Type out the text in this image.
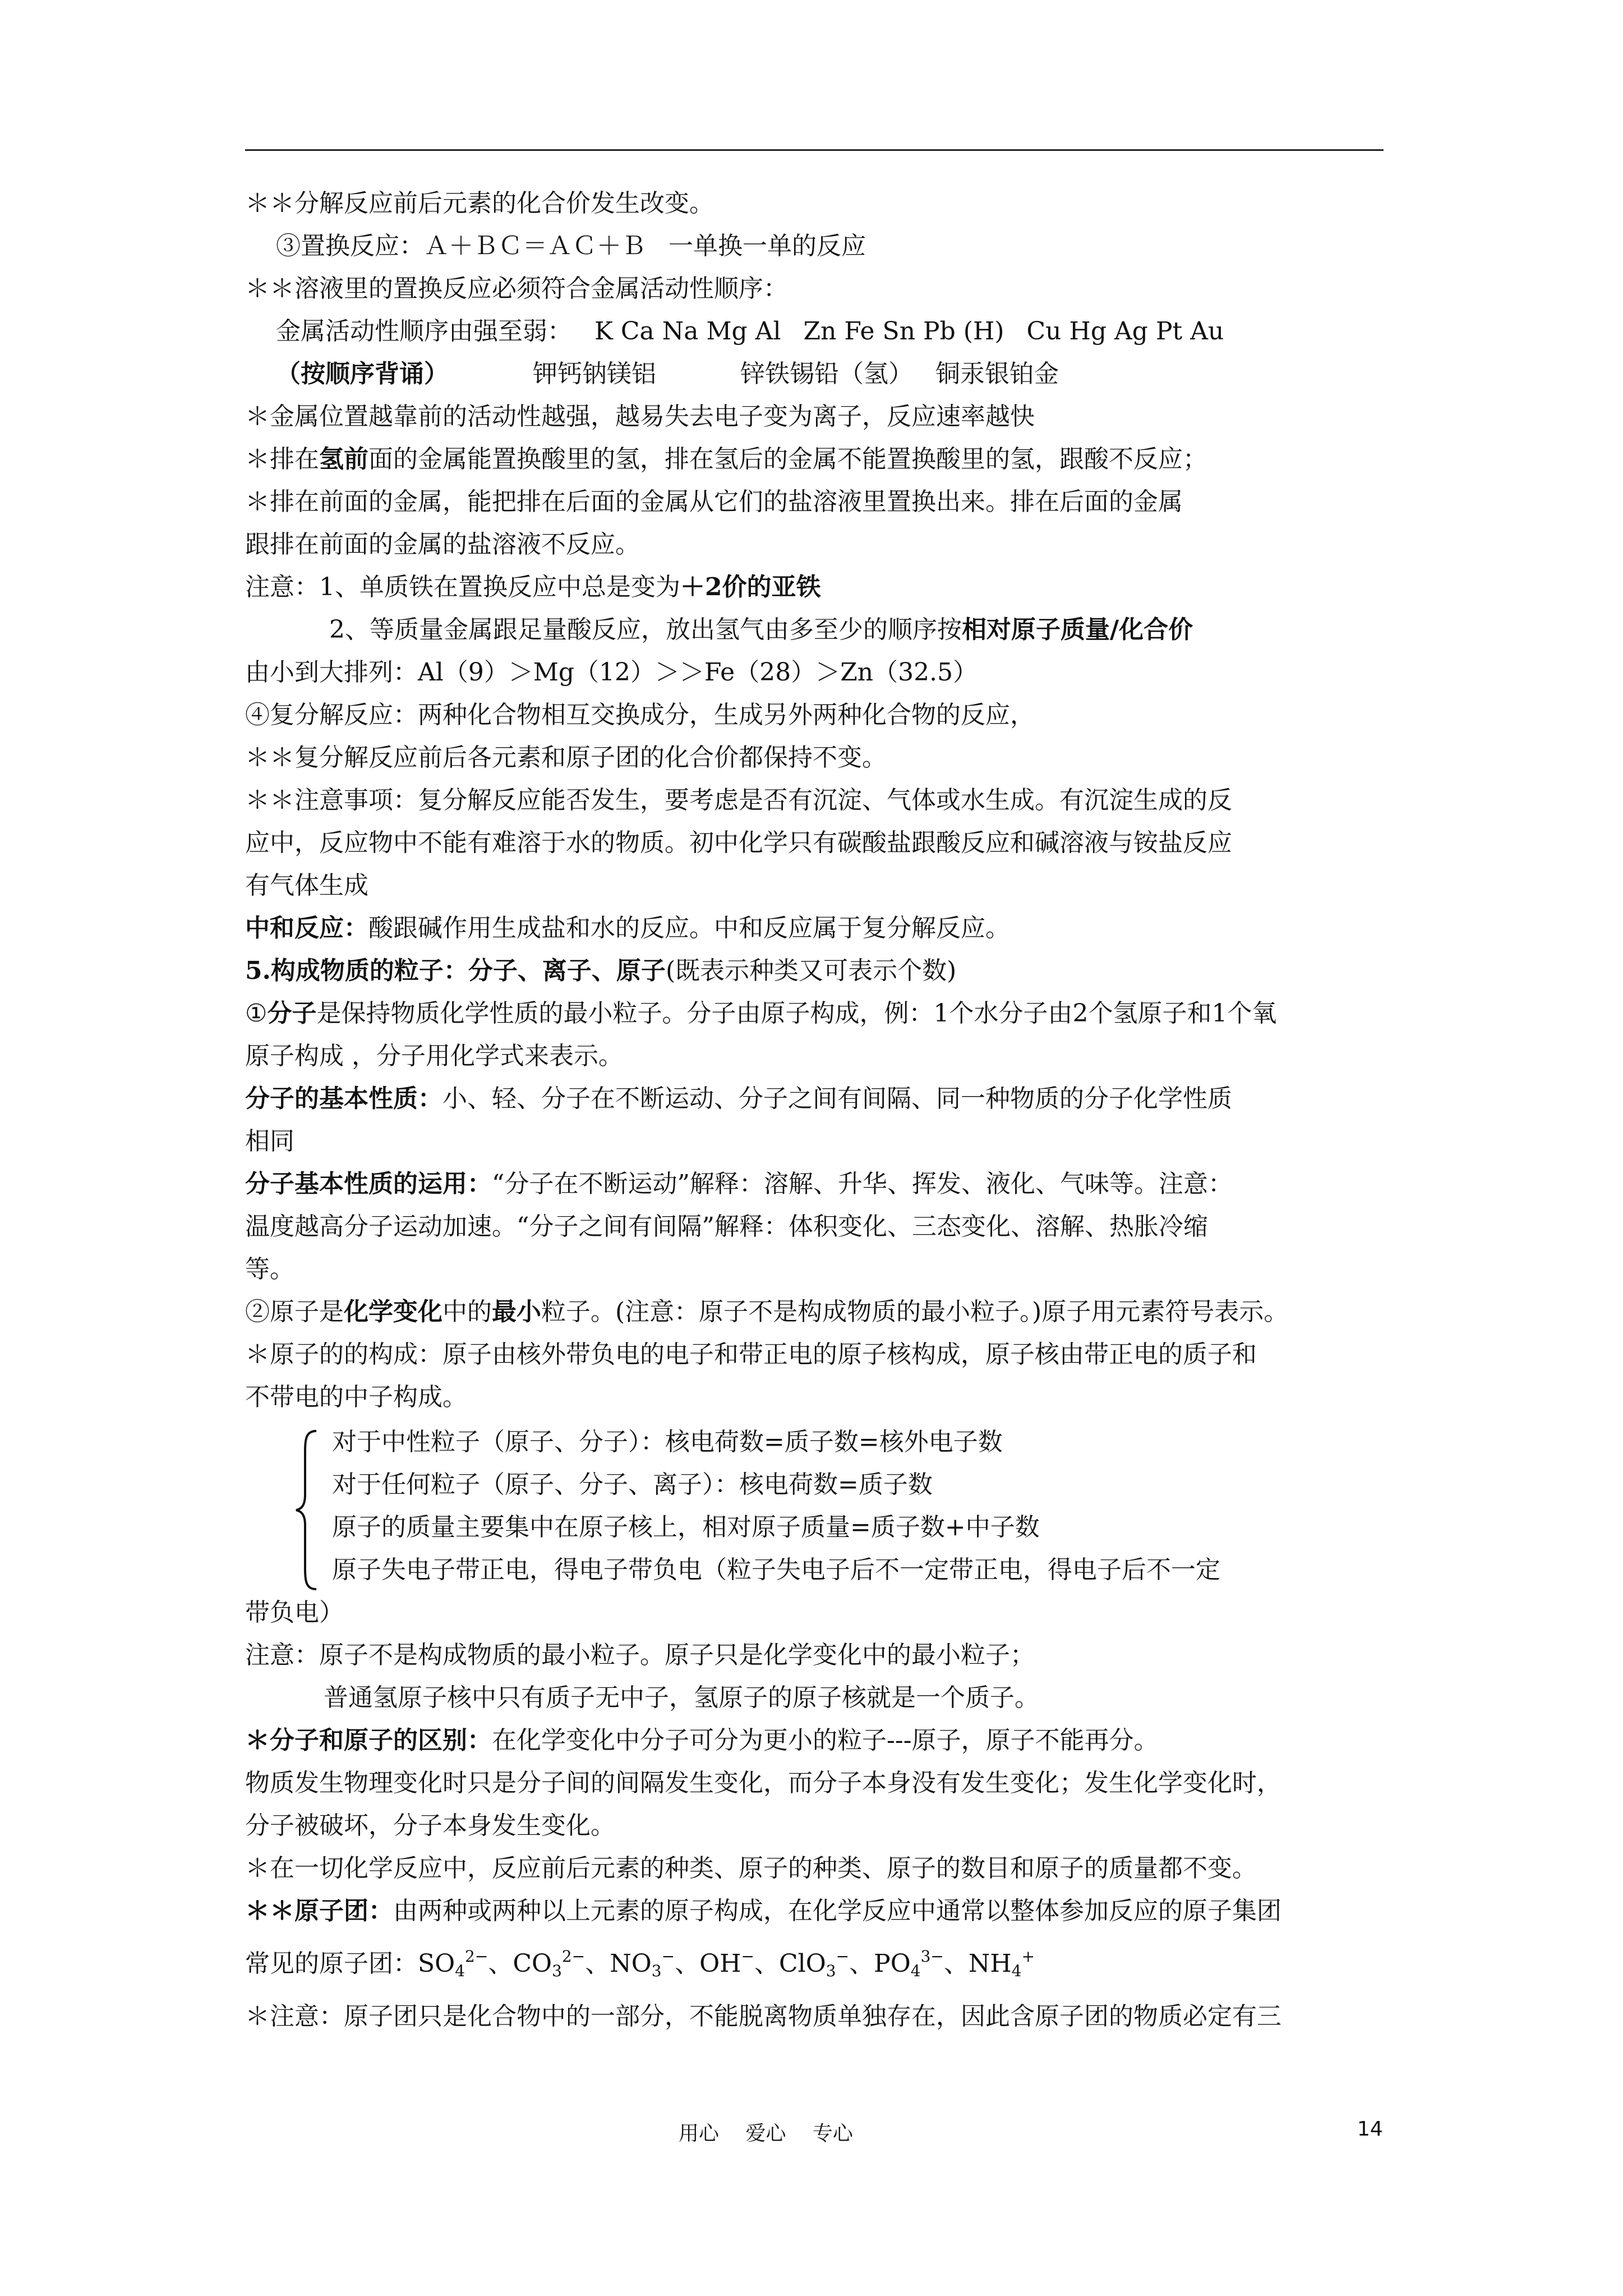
＊＊分解反应前后元素的化合价发生改变。
③置换反应：Ａ＋ＢＣ＝ＡＣ＋Ｂ 一单换一单的反应
＊＊溶液里的置换反应必须符合金属活动性顺序：
金属活动性顺序由强至弱： K Ca Na Mg Al Zn Fe Sn Pb (H) Cu Hg Ag Pt Au
（按顺序背诵）	钾钙钠镁铝	锌铁锡铅（氢） 铜汞银铂金
＊金属位置越靠前的活动性越强，越易失去电子变为离子，反应速率越快
＊排在氢前面的金属能置换酸里的氢，排在氢后的金属不能置换酸里的氢，跟酸不反应；
＊排在前面的金属，能把排在后面的金属从它们的盐溶液里置换出来。排在后面的金属
跟排在前面的金属的盐溶液不反应。
注意：1、单质铁在置换反应中总是变为＋2价的亚铁
2、等质量金属跟足量酸反应，放出氢气由多至少的顺序按相对原子质量/化合价
由小到大排列：Al（9）＞Mg（12）＞＞Fe（28）＞Zn（32.5）
④复分解反应：两种化合物相互交换成分，生成另外两种化合物的反应，
＊＊复分解反应前后各元素和原子团的化合价都保持不变。
＊＊注意事项：复分解反应能否发生，要考虑是否有沉淀、气体或水生成。有沉淀生成的反
应中，反应物中不能有难溶于水的物质。初中化学只有碳酸盐跟酸反应和碱溶液与铵盐反应
有气体生成
中和反应：酸跟碱作用生成盐和水的反应。中和反应属于复分解反应。
5.构成物质的粒子：分子、离子、原子(既表示种类又可表示个数)
①分子是保持物质化学性质的最小粒子。分子由原子构成，例：1个水分子由2个氢原子和1个氧
原子构成 ，分子用化学式来表示。
分子的基本性质：小、轻、分子在不断运动、分子之间有间隔、同一种物质的分子化学性质
相同
分子基本性质的运用：“分子在不断运动”解释：溶解、升华、挥发、液化、气味等。注意：
温度越高分子运动加速。“分子之间有间隔”解释：体积变化、三态变化、溶解、热胀冷缩
等。
②原子是化学变化中的最小粒子。(注意：原子不是构成物质的最小粒子。)原子用元素符号表示。
＊原子的的构成：原子由核外带负电的电子和带正电的原子核构成，原子核由带正电的质子和
不带电的中子构成。
对于中性粒子（原子、分子）：核电荷数=质子数=核外电子数
对于任何粒子（原子、分子、离子）：核电荷数=质子数
原子的质量主要集中在原子核上，相对原子质量=质子数+中子数
原子失电子带正电，得电子带负电（粒子失电子后不一定带正电，得电子后不一定
带负电）
注意：原子不是构成物质的最小粒子。原子只是化学变化中的最小粒子；
普通氢原子核中只有质子无中子，氢原子的原子核就是一个质子。
＊分子和原子的区别：在化学变化中分子可分为更小的粒子---原子，原子不能再分。
物质发生物理变化时只是分子间的间隔发生变化，而分子本身没有发生变化；发生化学变化时，
分子被破坏，分子本身发生变化。
＊在一切化学反应中，反应前后元素的种类、原子的种类、原子的数目和原子的质量都不变。
＊＊原子团：由两种或两种以上元素的原子构成，在化学反应中通常以整体参加反应的原子集团
常见的原子团：$SO_4^{2-}$、$CO_3^{2-}$、$NO_3^-$、OH−、ClO$_3$−、$PO_4^{3-}$、$NH_4^+$
＊注意：原子团只是化合物中的一部分，不能脱离物质单独存在，因此含原子团的物质必定有三
用心　 爱心　 专心	14
